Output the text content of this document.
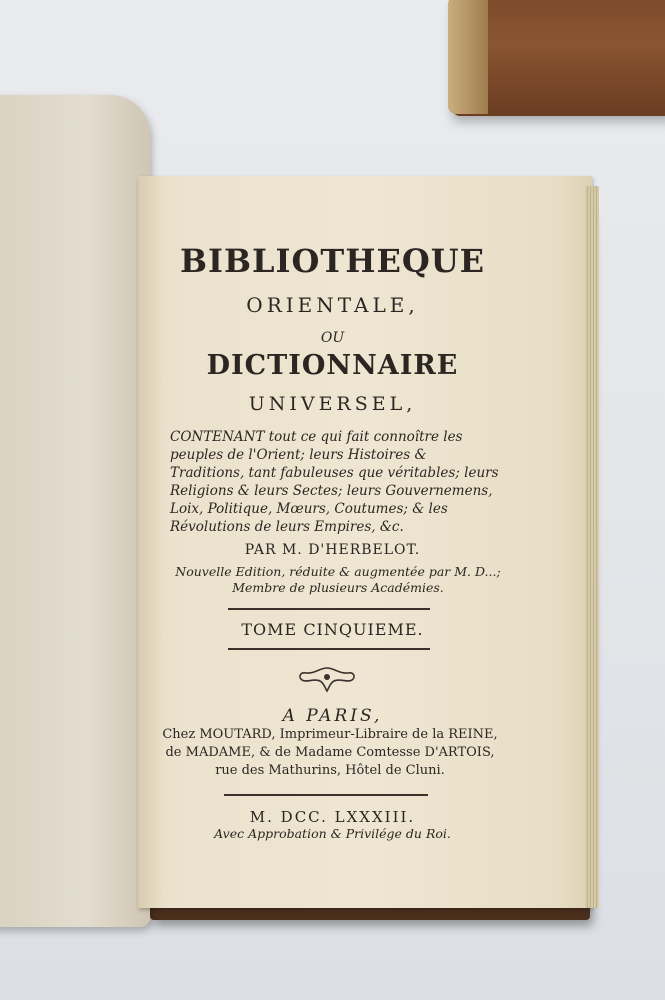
BIBLIOTHEQUE
ORIENTALE,
OU
DICTIONNAIRE
UNIVERSEL,
CONTENANT tout ce qui fait connoître les peuples de l'Orient; leurs Histoires & Traditions, tant fabuleuses que véritables; leurs Religions & leurs Sectes; leurs Gouvernemens, Loix, Politique, Mœurs, Coutumes; & les Révolutions de leurs Empires, &c.
PAR M. D'HERBELOT.
Nouvelle Edition, réduite & augmentée par M. D...; Membre de plusieurs Académies.
TOME CINQUIEME.
A PARIS,
Chez MOUTARD, Imprimeur-Libraire de la REINE, de MADAME, & de Madame Comtesse D'ARTOIS, rue des Mathurins, Hôtel de Cluni.
M. DCC. LXXXIII.
Avec Approbation & Privilége du Roi.
